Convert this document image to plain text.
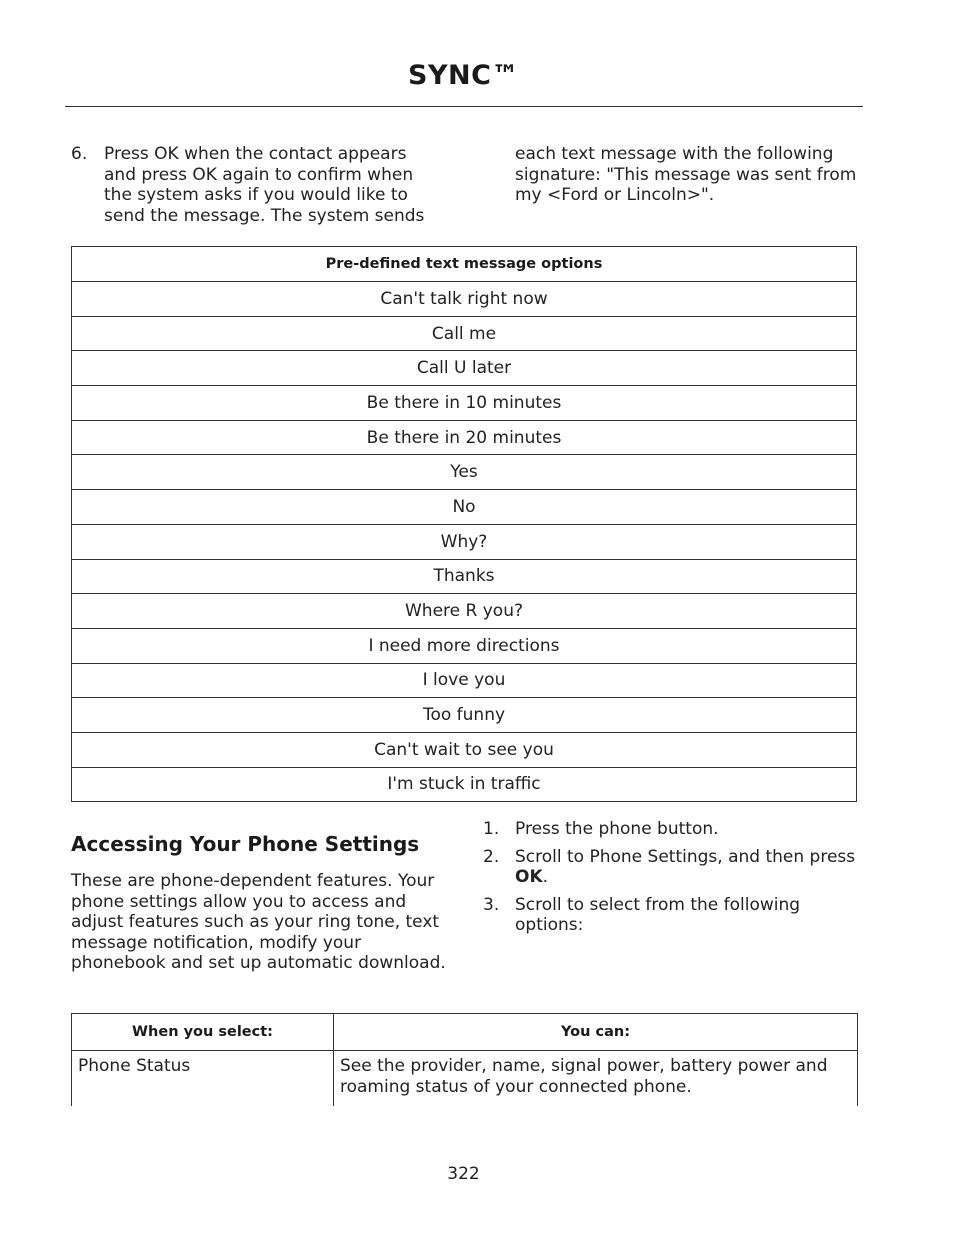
SYNC™
6. Press OK when the contact appears and press OK again to confirm when the system asks if you would like to send the message. The system sends
each text message with the following signature: "This message was sent from my <Ford or Lincoln>".
Pre-defined text message options
Can't talk right now
Call me
Call U later
Be there in 10 minutes
Be there in 20 minutes
Yes
No
Why?
Thanks
Where R you?
I need more directions
I love you
Too funny
Can't wait to see you
I'm stuck in traffic
Accessing Your Phone Settings
These are phone-dependent features. Your phone settings allow you to access and adjust features such as your ring tone, text message notification, modify your phonebook and set up automatic download.
1. Press the phone button.
2. Scroll to Phone Settings, and then press OK.
3. Scroll to select from the following options:
When you select:	You can:
Phone Status	See the provider, name, signal power, battery power and roaming status of your connected phone.
322
